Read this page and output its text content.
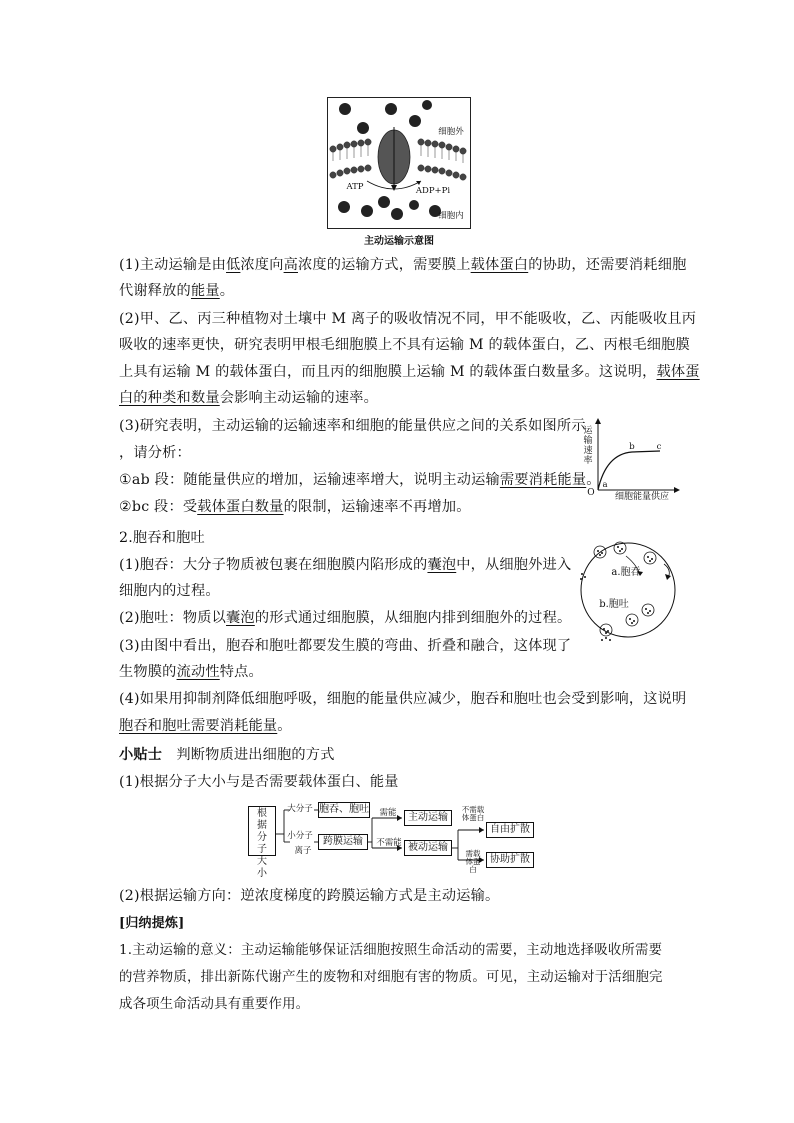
细胞外
ATP	ADP+Pi
细胞内
主动运输示意图
(1)主动运输是由低浓度向高浓度的运输方式，需要膜上载体蛋白的协助，还需要消耗细胞
代谢释放的能量。
(2)甲、乙、丙三种植物对土壤中 M 离子的吸收情况不同，甲不能吸收，乙、丙能吸收且丙
吸收的速率更快，研究表明甲根毛细胞膜上不具有运输 M 的载体蛋白，乙、丙根毛细胞膜
上具有运输 M 的载体蛋白，而且丙的细胞膜上运输 M 的载体蛋白数量多。这说明，载体蛋
白的种类和数量会影响主动运输的速率。
(3)研究表明，主动运输的运输速率和细胞的能量供应之间的关系如图所示
，请分析：
①ab 段：随能量供应的增加，运输速率增大，说明主动运输需要消耗能量。
②bc 段：受载体蛋白数量的限制，运输速率不再增加。
运输速率
b	c
a
O	细胞能量供应
2.胞吞和胞吐
(1)胞吞：大分子物质被包裹在细胞膜内陷形成的囊泡中，从细胞外进入
细胞内的过程。
(2)胞吐：物质以囊泡的形式通过细胞膜，从细胞内排到细胞外的过程。
(3)由图中看出，胞吞和胞吐都要发生膜的弯曲、折叠和融合，这体现了
生物膜的流动性特点。
(4)如果用抑制剂降低细胞呼吸，细胞的能量供应减少，胞吞和胞吐也会受到影响，这说明
胞吞和胞吐需要消耗能量。
a.胞吞
b.胞吐
小贴士 判断物质进出细胞的方式
(1)根据分子大小与是否需要载体蛋白、能量
根据分子大小
大分子
小分子
离子
胞吞、胞吐
跨膜运输
需能
不需能
主动运输
被动运输
不需载体蛋白
需载体蛋白
自由扩散
协助扩散
(2)根据运输方向：逆浓度梯度的跨膜运输方式是主动运输。
[归纳提炼]
1.主动运输的意义：主动运输能够保证活细胞按照生命活动的需要，主动地选择吸收所需要
的营养物质，排出新陈代谢产生的废物和对细胞有害的物质。可见，主动运输对于活细胞完
成各项生命活动具有重要作用。
